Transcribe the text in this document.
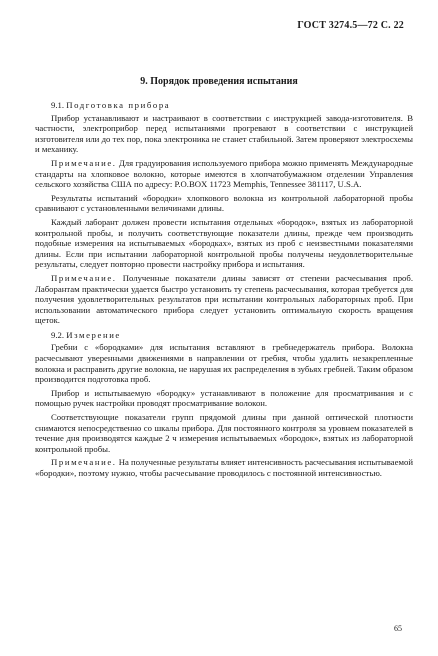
ГОСТ 3274.5—72 С. 22
9. Порядок проведения испытания

9.1. Подготовка прибора

Прибор устанавливают и настраивают в соответствии с инструкцией завода-изготовителя. В частности, электроприбор перед испытаниями прогревают в соответствии с инструкцией изготовителя или до тех пор, пока электроника не станет стабильной. Затем проверяют электросхемы и механику.

Примечание. Для градуирования используемого прибора можно применять Международные стандарты на хлопковое волокно, которые имеются в хлопчатобумажном отделении Управления сельского хозяйства США по адресу: P.O.BOX 11723 Memphis, Tennessee 381117, U.S.A.

Результаты испытаний «бородки» хлопкового волокна из контрольной лабораторной пробы сравнивают с установленными величинами длины.

Каждый лаборант должен провести испытания отдельных «бородок», взятых из лабораторной контрольной пробы, и получить соответствующие показатели длины, прежде чем производить подобные измерения на испытываемых «бородках», взятых из проб с неизвестными показателями длины. Если при испытании лабораторной контрольной пробы получены неудовлетворительные результаты, следует повторно провести настройку прибора и испытания.

Примечание. Полученные показатели длины зависят от степени расчесывания проб. Лаборантам практически удается быстро установить ту степень расчесывания, которая требуется для получения удовлетворительных результатов при испытании контрольных лабораторных проб. При использовании автоматического прибора следует установить оптимальную скорость вращения щеток.

9.2. Измерение

Гребни с «бородками» для испытания вставляют в гребнедержатель прибора. Волокна расчесывают уверенными движениями в направлении от гребня, чтобы удалить незакрепленные волокна и расправить другие волокна, не нарушая их распределения в зубьях гребней. Таким образом производится подготовка проб.

Прибор и испытываемую «бородку» устанавливают в положение для просматривания и с помощью ручек настройки проводят просматривание волокон.

Соответствующие показатели групп прядомой длины при данной оптической плотности снимаются непосредственно со шкалы прибора. Для постоянного контроля за уровнем показателей в течение дня производятся каждые 2 ч измерения испытываемых «бородок», взятых из лабораторной контрольной пробы.

Примечание. На полученные результаты влияет интенсивность расчесывания испытываемой «бородки», поэтому нужно, чтобы расчесывание проводилось с постоянной интенсивностью.

65
